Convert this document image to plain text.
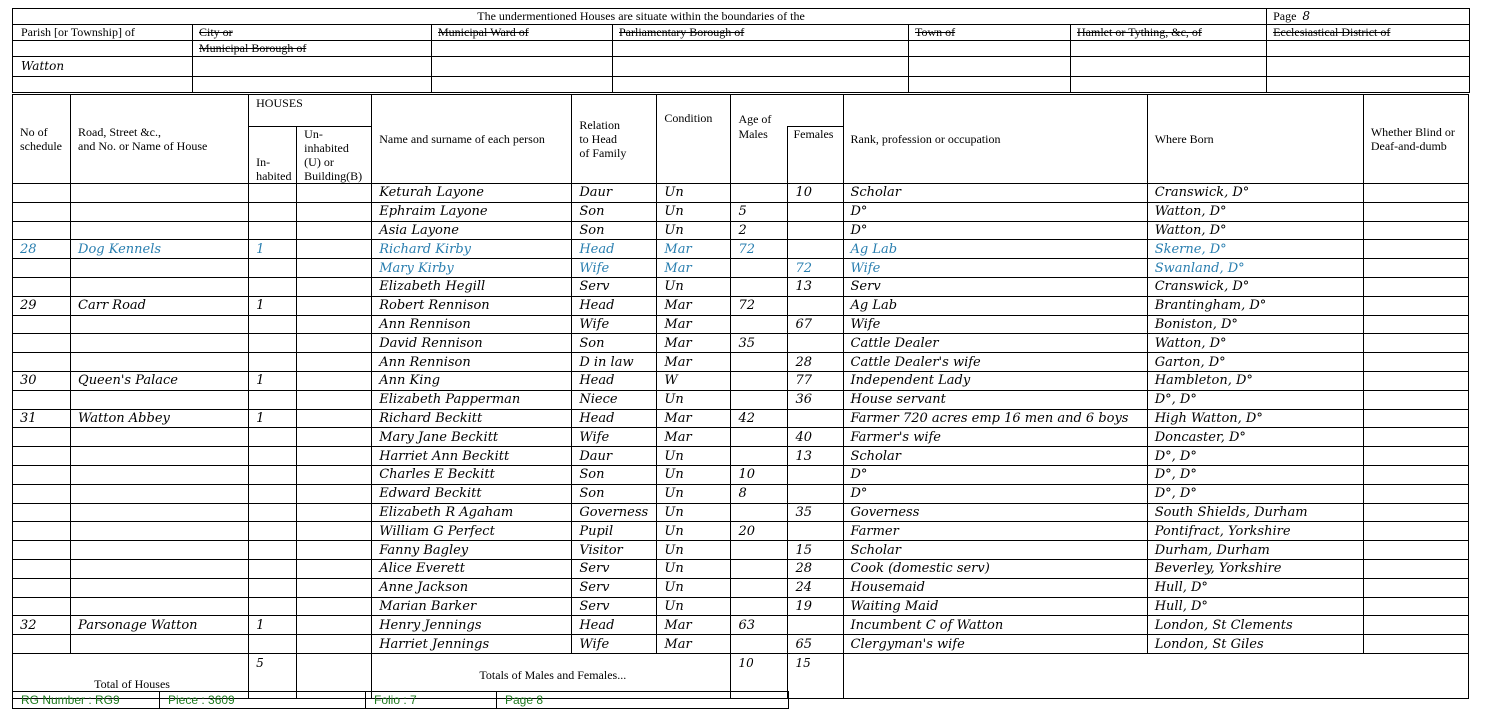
The undermentioned Houses are situate within the boundaries of the						Page 8
Parish [or Township] of	City or	Municipal Ward of	Parliamentary Borough of	Town of	Hamlet or Tything, &c, of	Ecclesiastical District of
	Municipal Borough of					
Watton						

No of
schedule	Road, Street &c.,
and No. or Name of House	HOUSES		Name and surname of each person	Relation
to Head
of Family	Condition	Age of		Rank, profession or occupation	Where Born	Whether Blind or
Deaf-and-dumb
		In-
habited	Un-
inhabited
(U) or
Building(B)				Males	Females			
				Keturah Layone	Daur	Un		10	Scholar	Cranswick, D°	
				Ephraim Layone	Son	Un	5		D°	Watton, D°	
				Asia Layone	Son	Un	2		D°	Watton, D°	
28	Dog Kennels	1		Richard Kirby	Head	Mar	72		Ag Lab	Skerne, D°	
				Mary Kirby	Wife	Mar		72	Wife	Swanland, D°	
				Elizabeth Hegill	Serv	Un		13	Serv	Cranswick, D°	
29	Carr Road	1		Robert Rennison	Head	Mar	72		Ag Lab	Brantingham, D°	
				Ann Rennison	Wife	Mar		67	Wife	Boniston, D°	
				David Rennison	Son	Mar	35		Cattle Dealer	Watton, D°	
				Ann Rennison	D in law	Mar		28	Cattle Dealer's wife	Garton, D°	
30	Queen's Palace	1		Ann King	Head	W		77	Independent Lady	Hambleton, D°	
				Elizabeth Papperman	Niece	Un		36	House servant	D°, D°	
31	Watton Abbey	1		Richard Beckitt	Head	Mar	42		Farmer 720 acres emp 16 men and 6 boys	High Watton, D°	
				Mary Jane Beckitt	Wife	Mar		40	Farmer's wife	Doncaster, D°	
				Harriet Ann Beckitt	Daur	Un		13	Scholar	D°, D°	
				Charles E Beckitt	Son	Un	10		D°	D°, D°	
				Edward Beckitt	Son	Un	8		D°	D°, D°	
				Elizabeth R Agaham	Governess	Un		35	Governess	South Shields, Durham	
				William G Perfect	Pupil	Un	20		Farmer	Pontifract, Yorkshire	
				Fanny Bagley	Visitor	Un		15	Scholar	Durham, Durham	
				Alice Everett	Serv	Un		28	Cook (domestic serv)	Beverley, Yorkshire	
				Anne Jackson	Serv	Un		24	Housemaid	Hull, D°	
				Marian Barker	Serv	Un		19	Waiting Maid	Hull, D°	
32	Parsonage Watton	1		Henry Jennings	Head	Mar	63		Incumbent C of Watton	London, St Clements	
				Harriet Jennings	Wife	Mar		65	Clergyman's wife	London, St Giles	
Total of Houses		5		Totals of Males and Females...			10	15			
RG Number : RG9	Piece : 3609	Folio : 7	Page 8
